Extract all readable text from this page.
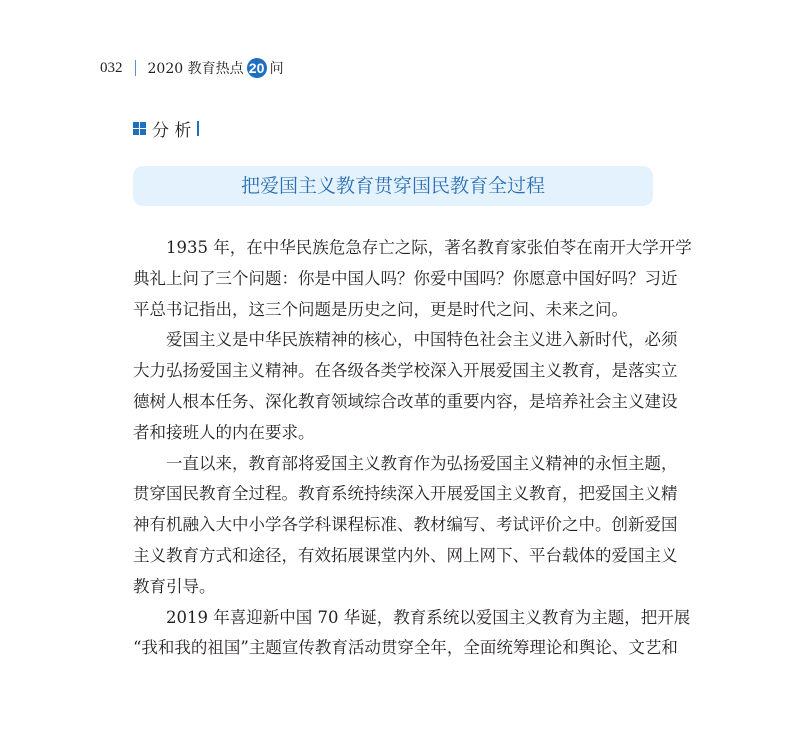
032 2020 教育热点 20 问
分 析
把爱国主义教育贯穿国民教育全过程
1935 年，在中华民族危急存亡之际，著名教育家张伯苓在南开大学开学
典礼上问了三个问题：你是中国人吗？你爱中国吗？你愿意中国好吗？习近
平总书记指出，这三个问题是历史之问，更是时代之问、未来之问。
爱国主义是中华民族精神的核心，中国特色社会主义进入新时代，必须
大力弘扬爱国主义精神。在各级各类学校深入开展爱国主义教育，是落实立
德树人根本任务、深化教育领域综合改革的重要内容，是培养社会主义建设
者和接班人的内在要求。
一直以来，教育部将爱国主义教育作为弘扬爱国主义精神的永恒主题，
贯穿国民教育全过程。教育系统持续深入开展爱国主义教育，把爱国主义精
神有机融入大中小学各学科课程标准、教材编写、考试评价之中。创新爱国
主义教育方式和途径，有效拓展课堂内外、网上网下、平台载体的爱国主义
教育引导。
2019 年喜迎新中国 70 华诞，教育系统以爱国主义教育为主题，把开展
“我和我的祖国”主题宣传教育活动贯穿全年，全面统筹理论和舆论、文艺和
